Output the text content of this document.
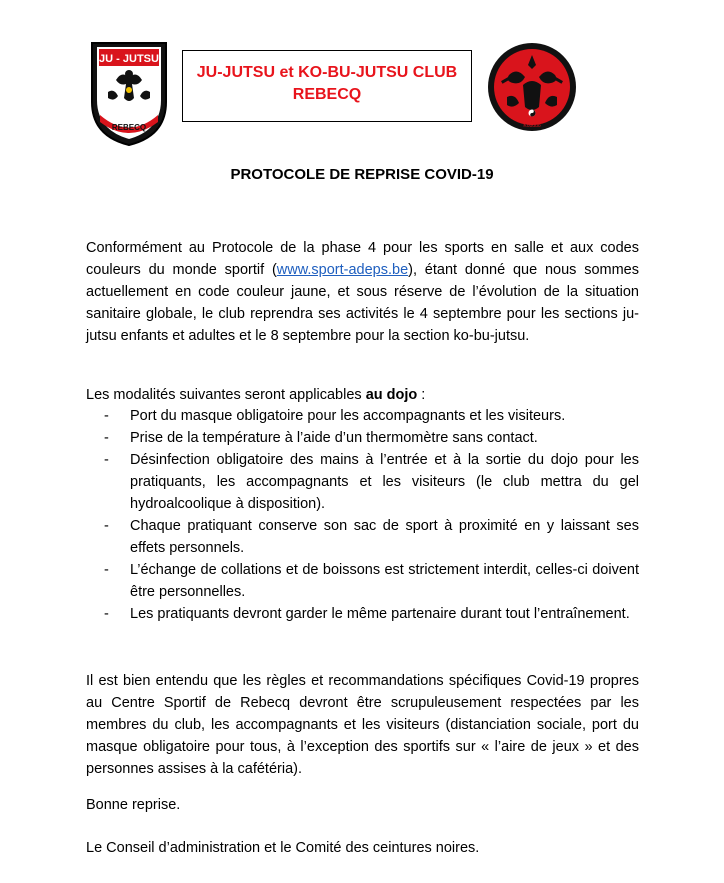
JU - JUTSU
REBECQ
JU-JUTSU et KO-BU-JUTSU CLUB
REBECQ
Kobudo
PROTOCOLE DE REPRISE COVID-19
Conformément au Protocole de la phase 4 pour les sports en salle et aux codes couleurs du monde sportif (www.sport-adeps.be), étant donné que nous sommes actuellement en code couleur jaune, et sous réserve de l’évolution de la situation sanitaire globale, le club reprendra ses activités le 4 septembre pour les sections ju-jutsu enfants et adultes et le 8 septembre pour la section ko-bu-jutsu.
Les modalités suivantes seront applicables au dojo :
- Port du masque obligatoire pour les accompagnants et les visiteurs.
- Prise de la température à l’aide d’un thermomètre sans contact.
- Désinfection obligatoire des mains à l’entrée et à la sortie du dojo pour les pratiquants, les accompagnants et les visiteurs (le club mettra du gel hydroalcoolique à disposition).
- Chaque pratiquant conserve son sac de sport à proximité en y laissant ses effets personnels.
- L’échange de collations et de boissons est strictement interdit, celles-ci doivent être personnelles.
- Les pratiquants devront garder le même partenaire durant tout l’entraînement.
Il est bien entendu que les règles et recommandations spécifiques Covid-19 propres au Centre Sportif de Rebecq devront être scrupuleusement respectées par les membres du club, les accompagnants et les visiteurs (distanciation sociale, port du masque obligatoire pour tous, à l’exception des sportifs sur « l’aire de jeux » et des personnes assises à la cafétéria).
Bonne reprise.
Le Conseil d’administration et le Comité des ceintures noires.
